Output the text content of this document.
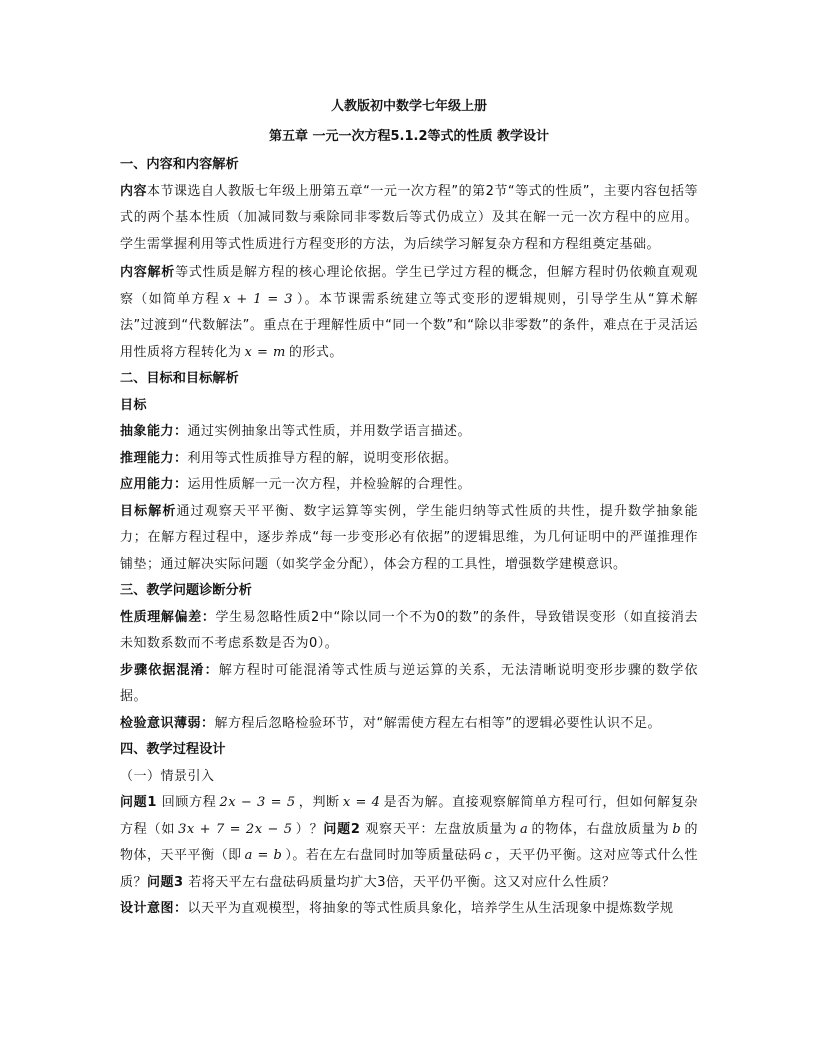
人教版初中数学七年级上册

第五章 一元一次方程5.1.2等式的性质 教学设计

一、内容和内容解析

内容本节课选自人教版七年级上册第五章“一元一次方程”的第2节“等式的性质”，主要内容包括等式的两个基本性质（加减同数与乘除同非零数后等式仍成立）及其在解一元一次方程中的应用。学生需掌握利用等式性质进行方程变形的方法，为后续学习解复杂方程和方程组奠定基础。

内容解析等式性质是解方程的核心理论依据。学生已学过方程的概念，但解方程时仍依赖直观观察（如简单方程 x + 1 = 3 ）。本节课需系统建立等式变形的逻辑规则，引导学生从“算术解法”过渡到“代数解法”。重点在于理解性质中“同一个数”和“除以非零数”的条件，难点在于灵活运用性质将方程转化为 x = m 的形式。

二、目标和目标解析

目标

抽象能力：通过实例抽象出等式性质，并用数学语言描述。

推理能力：利用等式性质推导方程的解，说明变形依据。

应用能力：运用性质解一元一次方程，并检验解的合理性。

目标解析通过观察天平平衡、数字运算等实例，学生能归纳等式性质的共性，提升数学抽象能力；在解方程过程中，逐步养成“每一步变形必有依据”的逻辑思维，为几何证明中的严谨推理作铺垫；通过解决实际问题（如奖学金分配），体会方程的工具性，增强数学建模意识。

三、教学问题诊断分析

性质理解偏差：学生易忽略性质2中“除以同一个不为0的数”的条件，导致错误变形（如直接消去未知数系数而不考虑系数是否为0）。

步骤依据混淆：解方程时可能混淆等式性质与逆运算的关系，无法清晰说明变形步骤的数学依据。

检验意识薄弱：解方程后忽略检验环节，对“解需使方程左右相等”的逻辑必要性认识不足。

四、教学过程设计

（一）情景引入

问题1 回顾方程 2x − 3 = 5 ，判断 x = 4 是否为解。直接观察解简单方程可行，但如何解复杂方程（如 3x + 7 = 2x − 5 ）？问题2 观察天平：左盘放质量为 a 的物体，右盘放质量为 b 的物体，天平平衡（即 a = b ）。若在左右盘同时加等质量砝码 c ，天平仍平衡。这对应等式什么性质？问题3 若将天平左右盘砝码质量均扩大3倍，天平仍平衡。这又对应什么性质？

设计意图：以天平为直观模型，将抽象的等式性质具象化，培养学生从生活现象中提炼数学规
